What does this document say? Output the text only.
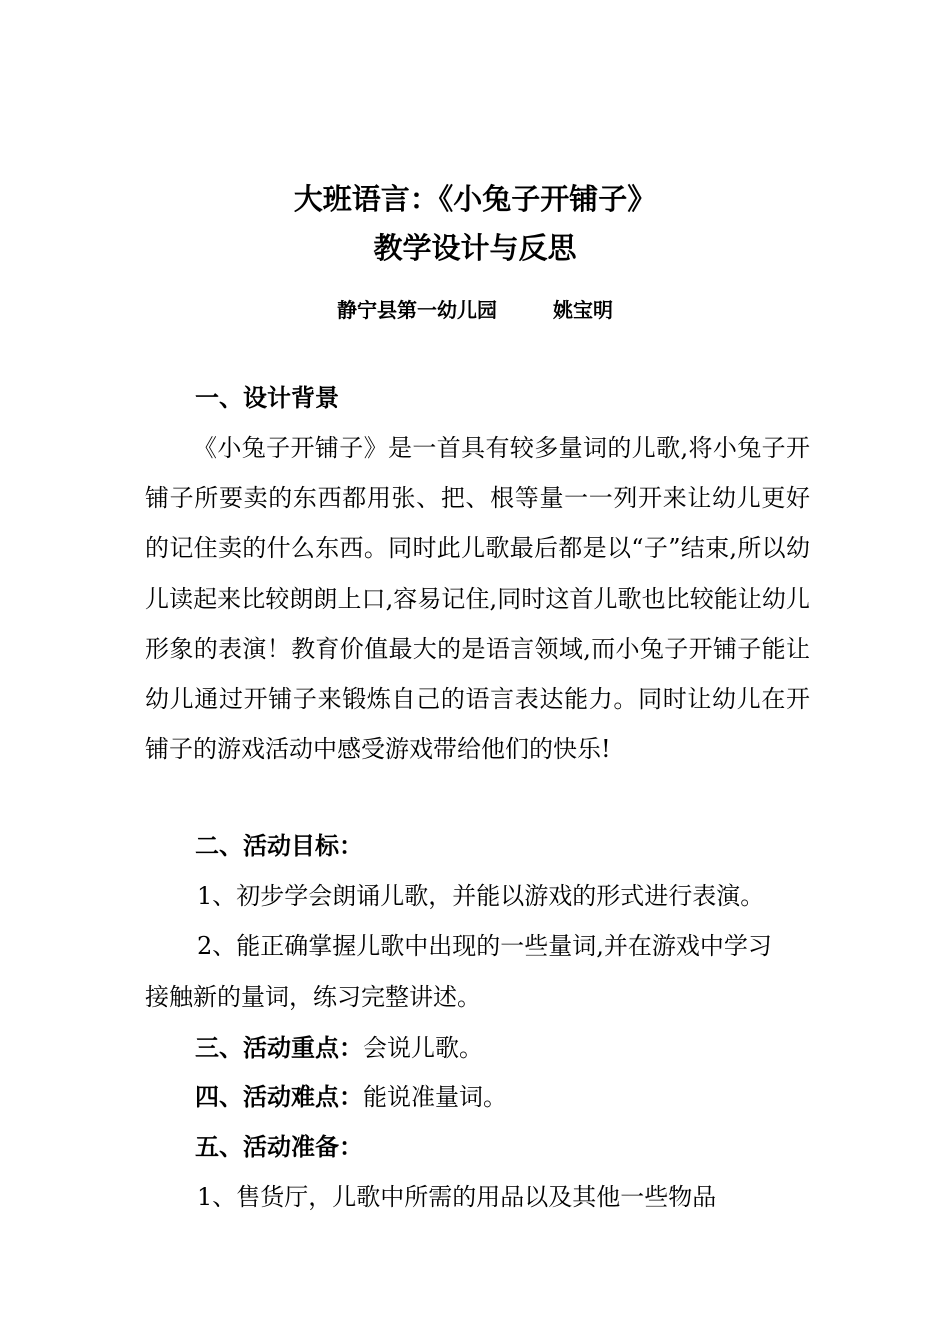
大班语言：《小兔子开铺子》
教学设计与反思
静宁县第一幼儿园	姚宝明
一、设计背景
《小兔子开铺子》是一首具有较多量词的儿歌,将小兔子开铺子所要卖的东西都用张、把、根等量一一列开来让幼儿更好的记住卖的什么东西。同时此儿歌最后都是以“子”结束,所以幼儿读起来比较朗朗上口,容易记住,同时这首儿歌也比较能让幼儿形象的表演！教育价值最大的是语言领域,而小兔子开铺子能让幼儿通过开铺子来锻炼自己的语言表达能力。同时让幼儿在开铺子的游戏活动中感受游戏带给他们的快乐!
二、活动目标：
1、初步学会朗诵儿歌，并能以游戏的形式进行表演。
2、能正确掌握儿歌中出现的一些量词,并在游戏中学习
接触新的量词，练习完整讲述。
三、活动重点：会说儿歌。
四、活动难点：能说准量词。
五、活动准备：
1、售货厅，儿歌中所需的用品以及其他一些物品
